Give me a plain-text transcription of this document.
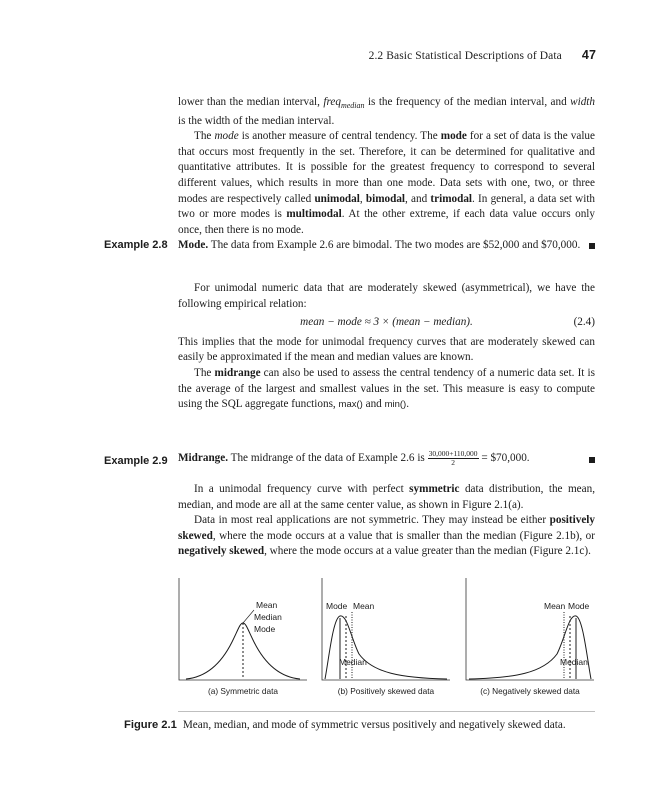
2.2 Basic Statistical Descriptions of Data 47

lower than the median interval, freq$_{median}$ is the frequency of the median interval, and width is the width of the median interval.

The mode is another measure of central tendency. The mode for a set of data is the value that occurs most frequently in the set. Therefore, it can be determined for qualitative and quantitative attributes. It is possible for the greatest frequency to correspond to several different values, which results in more than one mode. Data sets with one, two, or three modes are respectively called unimodal, bimodal, and trimodal. In general, a data set with two or more modes is multimodal. At the other extreme, if each data value occurs only once, then there is no mode.

Example 2.8 Mode. The data from Example 2.6 are bimodal. The two modes are $52,000 and $70,000.

For unimodal numeric data that are moderately skewed (asymmetrical), we have the following empirical relation:

mean − mode ≈ 3 × (mean − median).	(2.4)

This implies that the mode for unimodal frequency curves that are moderately skewed can easily be approximated if the mean and median values are known.

The midrange can also be used to assess the central tendency of a numeric data set. It is the average of the largest and smallest values in the set. This measure is easy to compute using the SQL aggregate functions, max() and min().

Example 2.9 Midrange. The midrange of the data of Example 2.6 is $\frac{30,000+110,000}{2}$ = $70,000.

In a unimodal frequency curve with perfect symmetric data distribution, the mean, median, and mode are all at the same center value, as shown in Figure 2.1(a).

Data in most real applications are not symmetric. They may instead be either positively skewed, where the mode occurs at a value that is smaller than the median (Figure 2.1b), or negatively skewed, where the mode occurs at a value greater than the median (Figure 2.1c).

Mean
Median
Mode
(a) Symmetric data
Mode Mean
Median
(b) Positively skewed data
Mean Mode
Median
(c) Negatively skewed data
Figure 2.1 Mean, median, and mode of symmetric versus positively and negatively skewed data.
